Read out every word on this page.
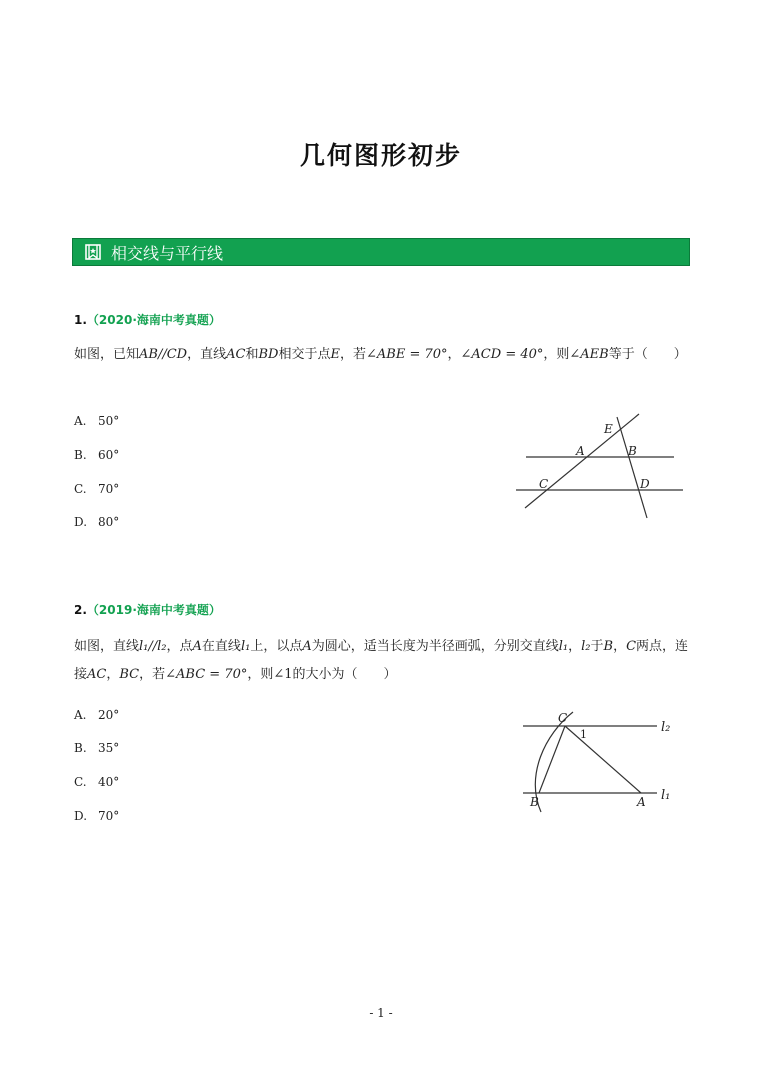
几何图形初步
相交线与平行线
1.（2020·海南中考真题）
如图，已知AB//CD，直线AC和BD相交于点E，若∠ABE = 70°，∠ACD = 40°，则∠AEB等于（　　）
A. 50°
B. 60°
C. 70°
D. 80°
E
A	B
C	D
2.（2019·海南中考真题）
如图，直线l₁//l₂，点A在直线l₁上，以点A为圆心，适当长度为半径画弧，分别交直线l₁，l₂于B，C两点，连接AC，BC，若∠ABC = 70°，则∠1的大小为（　　）
A. 20°
B. 35°
C. 40°
D. 70°
C
1	l₂
B	A l₁
- 1 -
